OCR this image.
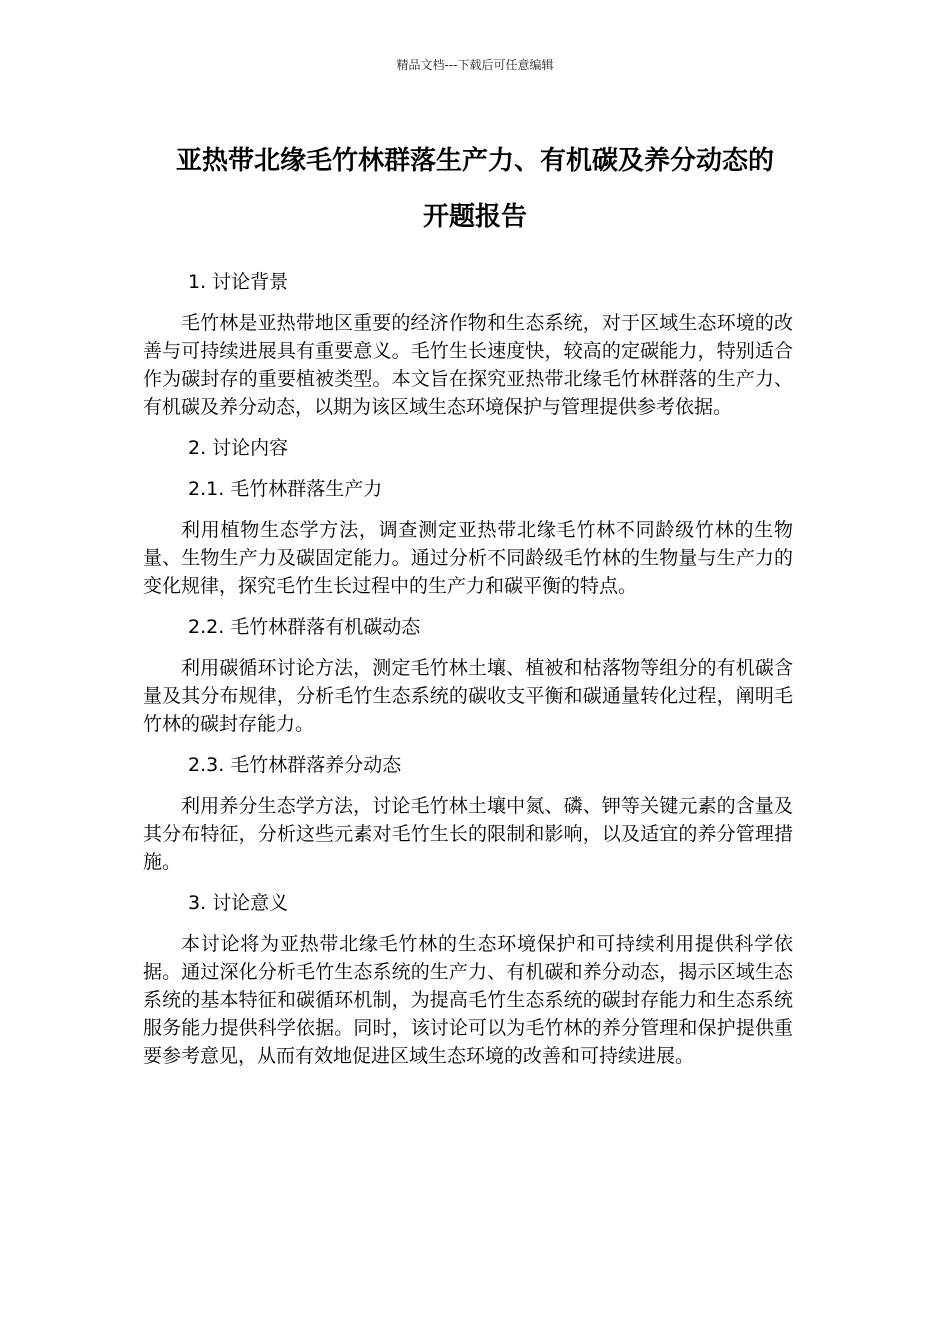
精品文档---下载后可任意编辑
亚热带北缘毛竹林群落生产力、有机碳及养分动态的
开题报告

1. 讨论背景

毛竹林是亚热带地区重要的经济作物和生态系统，对于区域生态环境的改善与可持续进展具有重要意义。毛竹生长速度快，较高的定碳能力，特别适合作为碳封存的重要植被类型。本文旨在探究亚热带北缘毛竹林群落的生产力、有机碳及养分动态，以期为该区域生态环境保护与管理提供参考依据。

2. 讨论内容

2.1. 毛竹林群落生产力

利用植物生态学方法，调查测定亚热带北缘毛竹林不同龄级竹林的生物量、生物生产力及碳固定能力。通过分析不同龄级毛竹林的生物量与生产力的变化规律，探究毛竹生长过程中的生产力和碳平衡的特点。

2.2. 毛竹林群落有机碳动态

利用碳循环讨论方法，测定毛竹林土壤、植被和枯落物等组分的有机碳含量及其分布规律，分析毛竹生态系统的碳收支平衡和碳通量转化过程，阐明毛竹林的碳封存能力。

2.3. 毛竹林群落养分动态

利用养分生态学方法，讨论毛竹林土壤中氮、磷、钾等关键元素的含量及其分布特征，分析这些元素对毛竹生长的限制和影响，以及适宜的养分管理措施。

3. 讨论意义

本讨论将为亚热带北缘毛竹林的生态环境保护和可持续利用提供科学依据。通过深化分析毛竹生态系统的生产力、有机碳和养分动态，揭示区域生态系统的基本特征和碳循环机制，为提高毛竹生态系统的碳封存能力和生态系统服务能力提供科学依据。同时，该讨论可以为毛竹林的养分管理和保护提供重要参考意见，从而有效地促进区域生态环境的改善和可持续进展。
